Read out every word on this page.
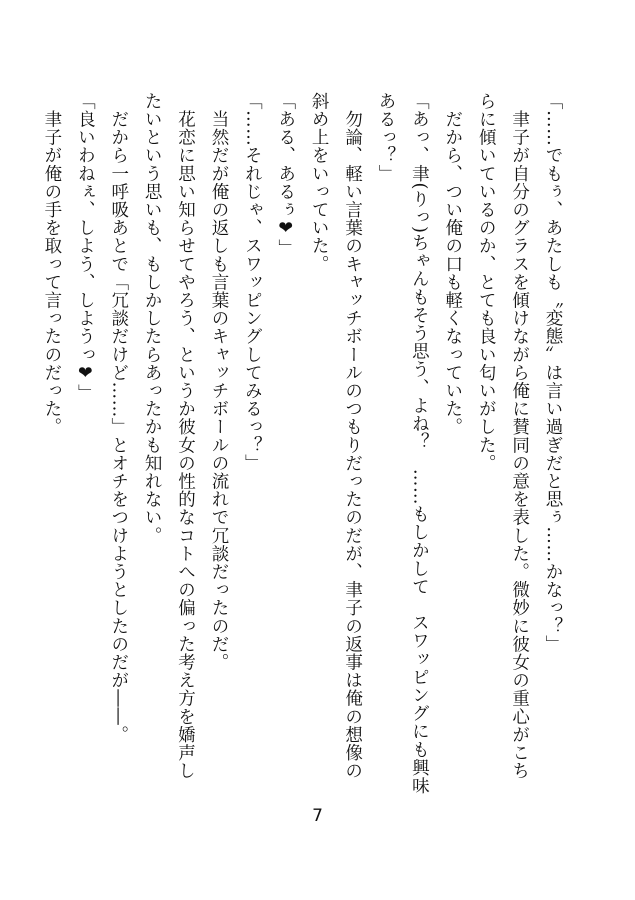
「……でもぅ、あたしも〝変態〟は言い過ぎだと思ぅ……かなっ？」
　聿子が自分のグラスを傾けながら俺に賛同の意を表した。微妙に彼女の重心がこち
らに傾いているのか、とても良い匂いがした。
　だから、つい俺の口も軽くなっていた。
「あっ、聿(りっ)ちゃんもそう思う、よね？　……もしかして　スワッピングにも興味
あるっ？」
　勿論、軽い言葉のキャッチボールのつもりだったのだが、聿子の返事は俺の想像の
斜め上をいっていた。
「ある、あるぅ❤」
「……それじゃ、スワッピングしてみるっ？」
　当然だが俺の返しも言葉のキャッチボールの流れで冗談だったのだ。
　花恋に思い知らせてやろう、というか彼女の性的なコトへの偏った考え方を嬌声し
たいという思いも、もしかしたらあったかも知れない。
　だから一呼吸あとで「冗談だけど……」とオチをつけようとしたのだが――。
「良いわねぇ、しよう、しようっ❤」
　聿子が俺の手を取って言ったのだった。
7
